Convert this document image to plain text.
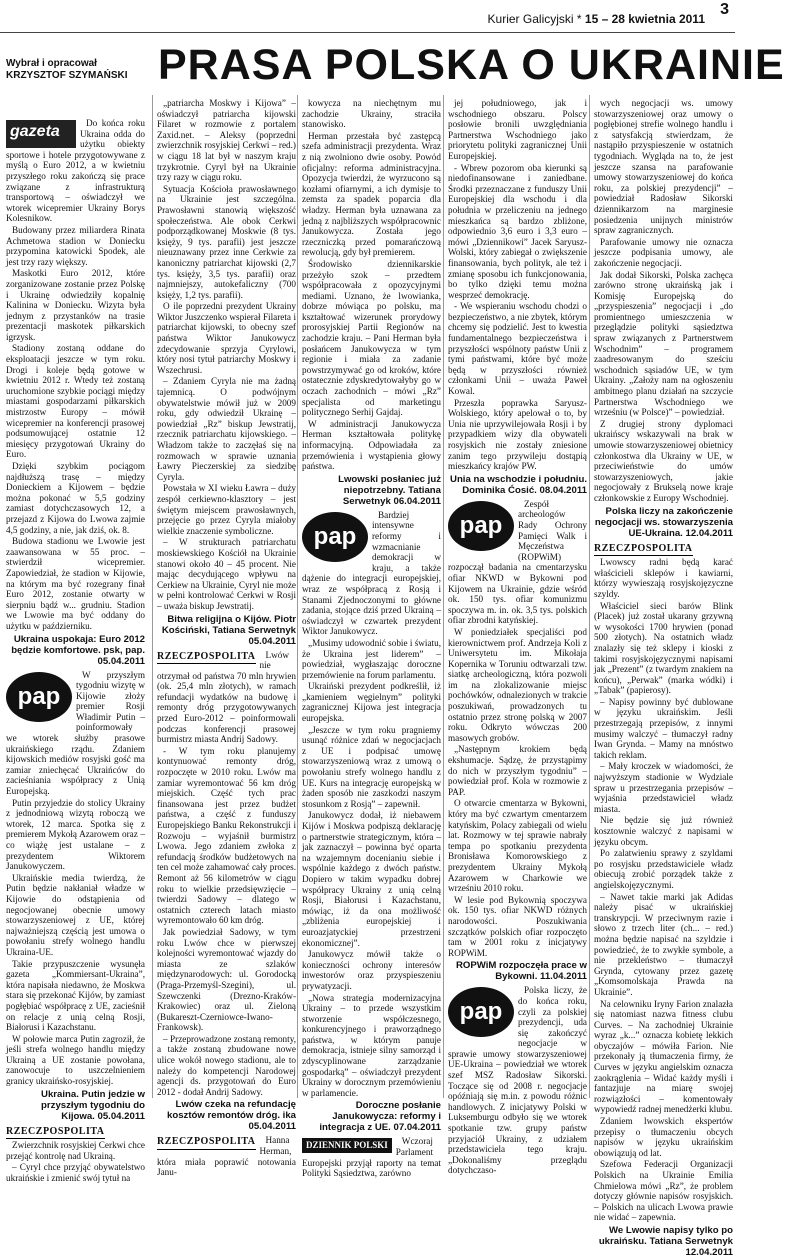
Kurier Galicyjski * 15 – 28 kwietnia 2011
3
Wybrał i opracował
KRZYSZTOF SZYMAŃSKI PRASA POLSKA O UKRAINIE
gazeta	Do końca roku Ukraina odda do użytku obiekty sportowe i hotele przygotowywane z myślą o Euro 2012, a w kwietniu przyszłego roku zakończą się prace związane z infrastrukturą transportową – oświadczył we wtorek wicepremier Ukrainy Borys Kolesnikow.

Budowany przez miliardera Rinata Achmetowa stadion w Doniecku przypomina katowicki Spodek, ale jest trzy razy większy.

Maskotki Euro 2012, które zorganizowane zostanie przez Polskę i Ukrainę odwiedziły kopalnię Kalinina w Doniecku. Wizyta była jednym z przystanków na trasie prezentacji maskotek piłkarskich igrzysk.

Stadiony zostaną oddane do eksploatacji jeszcze w tym roku. Drogi i koleje będą gotowe w kwietniu 2012 r. Wtedy też zostaną uruchomione szybkie pociągi między miastami gospodarzami piłkarskich mistrzostw Europy – mówił wicepremier na konferencji prasowej podsumowującej ostatnie 12 miesięcy przygotowań Ukrainy do Euro.

Dzięki szybkim pociągom najdłuższą trasę – między Donieckiem a Kijowem – będzie można pokonać w 5,5 godziny zamiast dotychczasowych 12, a przejazd z Kijowa do Lwowa zajmie 4,5 godziny, a nie, jak dziś, ok. 8.

Budowa stadionu we Lwowie jest zaawansowana w 55 proc. – stwierdził wicepremier. Zapowiedział, że stadion w Kijowie, na którym ma być rozegrany finał Euro 2012, zostanie otwarty w sierpniu bądź w... grudniu. Stadion we Lwowie ma być oddany do użytku w październiku.

Ukraina uspokaja: Euro 2012 będzie komfortowe. psk, pap. 05.04.2011
pap

W przyszłym tygodniu wizytę w Kijowie złoży premier Rosji Władimir Putin – poinformowały we wtorek służby prasowe ukraińskiego rządu. Zdaniem kijowskich mediów rosyjski gość ma zamiar zniechęcać Ukraińców do zacieśniania współpracy z Unią Europejską.

Putin przyjedzie do stolicy Ukrainy z jednodniową wizytą roboczą we wtorek, 12 marca. Spotka się z premierem Mykołą Azarowem oraz – co wiążę jest ustalane – z prezydentem Wiktorem Janukowyczem.

Ukraińskie media twierdzą, że Putin będzie nakłaniał władze w Kijowie do odstąpienia od negocjowanej obecnie umowy stowarzyszeniowej z UE, której najważniejszą częścią jest umowa o powołaniu strefy wolnego handlu Ukraina-UE.

Takie przypuszczenie wysunęła gazeta „Kommiersant-Ukraina”, która napisała niedawno, że Moskwa stara się przekonać Kijów, by zamiast pogłębiać współpracę z UE, zacieśnił on relacje z unią celną Rosji, Białorusi i Kazachstanu.

W połowie marca Putin zagroził, że jeśli strefa wolnego handlu między Ukrainą a UE zostanie powołana, zanowocuje to uszczelnieniem granicy ukraińsko-rosyjskiej.

Ukraina. Putin jedzie w przyszłym tygodniu do Kijowa. 05.04.2011
RZECZPOSPOLITA

Zwierzchnik rosyjskiej Cerkwi chce przejąć kontrolę nad Ukrainą.

– Cyryl chce przyjąć obywatelstwo ukraińskie i zmienić swój tytuł na

„patriarcha Moskwy i Kijowa” – oświadczył patriarcha kijowski Filaret w rozmowie z portalem Zaxid.net. – Aleksy (poprzedni zwierzchnik rosyjskiej Cerkwi – red.) w ciągu 18 lat był w naszym kraju trzykrotnie. Cyryl był na Ukrainie trzy razy w ciągu roku.

Sytuacja Kościoła prawosławnego na Ukrainie jest szczególna. Prawosławni stanowią większość społeczeństwa. Ale obok Cerkwi podporządkowanej Moskwie (8 tys. księży, 9 tys. parafii) jest jeszcze nieuznawany przez inne Cerkwie za kanoniczny patriarchat kijowski (2,7 tys. księży, 3,5 tys. parafii) oraz najmniejszy, autokefaliczny (700 księży, 1,2 tys. parafii).

O ile poprzedni prezydent Ukrainy Wiktor Juszczenko wspierał Filareta i patriarchat kijowski, to obecny szef państwa Wiktor Janukowycz zdecydowanie sprzyja Cyrylowi, który nosi tytuł patriarchy Moskwy i Wszechrusi.

– Zdaniem Cyryla nie ma żadną tajemnicą. O podwójnym obywatelstwie mówił już w 2009 roku, gdy odwiedził Ukrainę – powiedział „Rz” biskup Jewstratij, rzecznik patriarchatu kijowskiego. – Władzom także to zaczęłaś się na rozmowach w sprawie uznania Ławry Pieczerskiej za siedzibę Cyryla.

Powstała w XI wieku Ławra – duży zespół cerkiewno-klasztory – jest świętym miejscem prawosławnych, przejęcie go przez Cyryla miałoby wielkie znaczenie symboliczne.

– W strukturach patriarchatu moskiewskiego Kościół na Ukrainie stanowi około 40 – 45 procent. Nie mając decydującego wpływu na Cerkiew na Ukrainie, Cyryl nie może w pełni kontrolować Cerkwi w Rosji – uważa biskup Jewstratij.

Bitwa religijna o Kijów. Piotr Kościński, Tatiana Serwetnyk 05.04.2011
RZECZPOSPOLITA	Lwów nie otrzymał od państwa 70 mln hrywien (ok. 25,4 mln złotych), w ramach refundacji wydatków na budowę i remonty dróg przygotowywanych przed Euro-2012 – poinformowali podczas konferencji prasowej burmistrz miasta Andrij Sadowy.

- W tym roku planujemy kontynuować remonty dróg, rozpoczęte w 2010 roku. Lwów ma zamiar wyremontować 56 km dróg miejskich. Część tych prac finansowana jest przez budżet państwa, a część z funduszy Europejskiego Banku Rekonstrukcji i Rozwoju – wyjaśnił burmistrz Lwowa. Jego zdaniem zwłoka z refundacją środków budżetowych na ten cel może zahamować cały proces. Remont aż 56 kilometrów w ciągu roku to wielkie przedsięwzięcie – twierdzi Sadowy – dlatego w ostatnich czterech latach miasto wyremontowało 60 km dróg.

Jak powiedział Sadowy, w tym roku Lwów chce w pierwszej kolejności wyremontować wjazdy do miasta ze szlaków międzynarodowych: ul. Gorodocką (Praga-Przemyśl-Szegini), ul. Szewczenki (Drezno-Kraków-Krakowiec) oraz ul. Zieloną (Bukareszt-Czerniowce-Iwano-Frankowsk).

– Przeprowadzone zostaną remonty, a także zostaną zbudowane nowe ulice wokół nowego stadionu, ale to należy do kompetencji Narodowej agencji ds. przygotowań do Euro 2012 - dodał Andrij Sadowy.

Lwów czeka na refundację kosztów remontów dróg. ika 05.04.2011
RZECZPOSPOLITA	Hanna Herman, która miała poprawić notowania Janu-

kowycza na niechętnym mu zachodzie Ukrainy, straciła stanowisko.

Herman przestała być zastępcą szefa administracji prezydenta. Wraz z nią zwolniono dwie osoby. Powód oficjalny: reforma administracyjna. Opozycja twierdzi, że wyrzucono są kozłami ofiarnymi, a ich dymisje to zemsta za spadek poparcia dla władzy. Herman była uznawana za jedną z najbliższych współpracownic Janukowycza. Została jego rzeczniczką przed pomarańczową rewolucją, gdy był premierem.

Środowisko dziennikarskie przeżyło szok – przedtem współpracowała z opozycyjnymi mediami. Uznano, że lwowianka, dobrze mówiąca po polsku, ma kształtować wizerunek prorydowy prorosyjskiej Partii Regionów na zachodzie kraju. – Pani Herman była posłańcem Janukowycza w tym regionie i miała za zadanie powstrzymywać go od kroków, które ostatecznie zdyskredytowałyby go w oczach zachodnich – mówi „Rz” specjalista od marketingu politycznego Serhij Gajdaj.

W administracji Janukowycza Herman kształtowała politykę informacyjną. Odpowiadała za przemówienia i wystąpienia głowy państwa.

Lwowski posłaniec już niepotrzebny. Tatiana Serwetnyk 06.04.2011
pap

Bardziej intensywne reformy i wzmacnianie demokracji w kraju, a także dążenie do integracji europejskiej, wraz ze współpracą z Rosją i Stanami Zjednoczonymi to główne zadania, stojące dziś przed Ukrainą – oświadczył w czwartek prezydent Wiktor Janukowycz.

„Musimy udowodnić sobie i światu, że Ukraina jest liderem” – powiedział, wygłaszając doroczne przemówienie na forum parlamentu.

Ukraiński prezydent podkreślił, iż „kamieniem węgielnym” polityki zagranicznej Kijowa jest integracja europejska.

„Jeszcze w tym roku pragniemy usunąć różnice zdań w negocjacjach z UE i podpisać umowę stowarzyszeniową wraz z umową o powołaniu strefy wolnego handlu z UE. Kurs na integrację europejską w żaden sposób nie zaszkodzi naszym stosunkom z Rosją” – zapewnił.

Janukowycz dodał, iż niebawem Kijów i Moskwa podpiszą deklarację o partnerstwie strategicznym, która – jak zaznaczył – powinna być oparta na wzajemnym docenianiu siebie i wspólnie każdego z dwóch państw. Dopiero w takim wypadku dobrej współpracy Ukrainy z unią celną Rosji, Białorusi i Kazachstanu, mówiąc, iż da ona możliwość „zbliżenia europejskiej i euroazjatyckiej przestrzeni ekonomicznej”.

Janukowycz mówił także o konieczności ochrony interesów inwestorów oraz przyspieszeniu prywatyzacji.

„Nowa strategia modernizacyjna Ukrainy – to przede wszystkim stworzenie współczesnego, konkurencyjnego i praworządnego państwa, w którym panuje demokracja, istnieje silny samorząd i zdyscyplinowane zarządzanie gospodarką” – oświadczył prezydent Ukrainy w dorocznym przemówieniu w parlamencie.

Doroczne posłanie Janukowycza: reformy i integracja z UE. 07.04.2011
DZIENNIK POLSKI	Wczoraj Parlament Europejski przyjął raporty na temat Polityki Sąsiedztwa, zarówno

jej południowego, jak i wschodniego obszaru. Polscy posłowie bronili uwzględniania Partnerstwa Wschodniego jako priorytetu polityki zagranicznej Unii Europejskiej.

- Wbrew pozorom oba kierunki są niedofinansowane i zaniedbane. Środki przeznaczane z funduszy Unii Europejskiej dla wschodu i dla południa w przeliczeniu na jednego mieszkańca są bardzo zbliżone, odpowiednio 3,6 euro i 3,3 euro – mówi „Dziennikowi” Jacek Saryusz-Wolski, który zabiegał o zwiększenie finansowania, bych polityk, ale też i zmianę sposobu ich funkcjonowania, bo tylko dzięki temu można wesprzeć demokrację.

- We wspieraniu wschodu chodzi o bezpieczeństwo, a nie zbytek, którym chcemy się podzielić. Jest to kwestia fundamentalnego bezpieczeństwa i przyszłości wspólnoty państw Unii z tymi państwami, które być może będą w przyszłości również członkami Unii – uważa Paweł Kowal.

Przeszła poprawka Saryusz-Wolskiego, który apelował o to, by Unia nie uprzywilejowała Rosji i by przypadkiem wizy dla obywateli rosyjskich nie zostały zniesione zanim tego przywileju dostąpią mieszkańcy krajów PW.

Unia na wschodzie i południu. Dominika Ćosić. 08.04.2011
pap

Zespół archeologów Rady Ochrony Pamięci Walk i Męczeństwa (ROPWiM) rozpoczął badania na cmentarzysku ofiar NKWD w Bykowni pod Kijowem na Ukrainie, gdzie wśród ok. 150 tys. ofiar komunizmu spoczywa m. in. ok. 3,5 tys. polskich ofiar zbrodni katyńskiej.

W poniedziałek specjaliści pod kierownictwem prof. Andrzeja Koli z Uniwersytetu im. Mikołaja Kopernika w Toruniu odtwarzali tzw. siatkę archeologiczną, która pozwoli im na zlokalizowanie miejsc pochówków, odnalezionych w trakcie poszukiwań, prowadzonych tu ostatnio przez stronę polską w 2007 roku. Odkryto wówczas 200 masowych grobów.

„Następnym krokiem będą ekshumacje. Sądzę, że przystąpimy do nich w przyszłym tygodniu” – powiedział prof. Kola w rozmowie z PAP.

O otwarcie cmentarza w Bykowni, który ma być czwartym cmentarzem katyńskim, Polacy zabiegali od wielu lat. Rozmowy w tej sprawie nabrały tempa po spotkaniu prezydenta Bronisława Komorowskiego z prezydentem Ukrainy Mykołą Azarowem w Charkowie we wrześniu 2010 roku.

W lesie pod Bykownią spoczywa ok. 150 tys. ofiar NKWD różnych narodowości. Poszukiwania szczątków polskich ofiar rozpoczęto tam w 2001 roku z inicjatywy ROPWiM.

ROPWiM rozpoczęła prace w Bykowni. 11.04.2011
pap

Polska liczy, że do końca roku, czyli za polskiej prezydencji, uda się zakończyć negocjacje w sprawie umowy stowarzyszeniowej UE-Ukraina – powiedział we wtorek szef MSZ Radosław Sikorski. Toczące się od 2008 r. negocjacje opóźniają się m.in. z powodu różnic handlowych. Z inicjatywy Polski w Luksemburgu odbyło się we wtorek spotkanie tzw. grupy państw przyjaciół Ukrainy, z udziałem przedstawiciela tego kraju. „Dokonaliśmy przeglądu dotychczaso-

wych negocjacji ws. umowy stowarzyszeniowej oraz umowy o pogłębionej strefie wolnego handlu i z satysfakcją stwierdzam, że nastąpiło przyspieszenie w ostatnich tygodniach. Wygląda na to, że jest jeszcze szansa na parafowanie umowy stowarzyszeniowej do końca roku, za polskiej prezydencji” – powiedział Radosław Sikorski dziennikarzom na marginesie posiedzenia unijnych ministrów spraw zagranicznych.

Parafowanie umowy nie oznacza jeszcze podpisania umowy, ale zakończenie negocjacji.

Jak dodał Sikorski, Polska zachęca zarówno stronę ukraińską jak i Komisję Europejską do „przyspieszenia” negocjacji i „do promientnego umieszczenia w przeglądzie polityki sąsiedztwa spraw związanych z Partnerstwem Wschodnim” – programem zaadresowanym do sześciu wschodnich sąsiadów UE, w tym Ukrainy. „Założy nam na ogłoszeniu ambitnego planu działań na szczycie Partnerstwa Wschodniego we wrześniu (w Polsce)” – powiedział.

Z drugiej strony dyplomaci ukraińscy wskazywali na brak w umowie stowarzyszeniowej obietnicy członkostwa dla Ukrainy w UE, w przeciwieństwie do umów stowarzyszeniowych, jakie negocjowały z Brukselą nowe kraje członkowskie z Europy Wschodniej.

Polska liczy na zakończenie negocjacji ws. stowarzyszenia UE-Ukraina. 12.04.2011
RZECZPOSPOLITA

Lwowscy radni będą karać właścicieli sklepów i kawiarni, którzy wywieszają rosyjskojęzyczne szyldy.

Właściciel sieci barów Blink (Placek) już został ukarany grzywną w wysokości 1700 hrywien (ponad 500 złotych). Na ostatnich władz znalazły się też sklepy i kioski z takimi rosyjskojęzycznymi napisami jak „Prezent” (z twardym znakiem na końcu), „Perwak” (marka wódki) i „Tabak” (papierosy).

– Napisy powinny być dublowane w języku ukraińskim. Jeśli przestrzegają przepisów, z innymi musimy walczyć – tłumaczył radny Iwan Grynda. – Mamy na mnóstwo takich reklam.

– Mały kroczek w wiadomości, że najwyższym stadionie w Wydziale spraw u przestrzegania przepisów – wyjaśnia przedstawiciel władz miasta.

Nie będzie się już również kosztownie walczyć z napisami w języku obcym.

Po zalatwieniu sprawy z szyldami po rosyjsku przedstawiciele władz obiecują zrobić porządek także z angielskojęzycznymi.

– Nawet takie marki jak Adidas należy pisać w ukraińskiej transkrypcji. W przeciwnym razie i słowo z trzech liter (ch... – red.) można będzie napisać na szyldzie i powiedzieć, że to zwykłe symbole, a nie przekleństwo – tłumaczył Grynda, cytowany przez gazetę „Komsomolskaja Prawda na Ukrainie”.

Na celowniku Iryny Farion znalazła się natomiast nazwa fitness clubu Curves. – Na zachodniej Ukrainie wyraz „k...” oznacza kobietę lekkich obyczajów – mówiła Farion. Nie przekonały ją tłumaczenia firmy, że Curves w języku angielskim oznacza zaokrąglenia – Widać każdy myśli i fantazjuje na miarę swojej rozwiązłości – komentowały wypowiedź radnej menedżerki klubu.

Zdaniem lwowskich ekspertów przepisy o tłumaczeniu obcych napisów w języku ukraińskim obowiązują od lat.

Szefowa Federacji Organizacji Polskich na Ukrainie Emilia Chmielowa mówi „Rz”, że problem dotyczy głównie napisów rosyjskich. – Polskich na ulicach Lwowa prawie nie widać – zapewnia.

We Lwowie napisy tylko po ukraińsku. Tatiana Serwetnyk 12.04.2011
